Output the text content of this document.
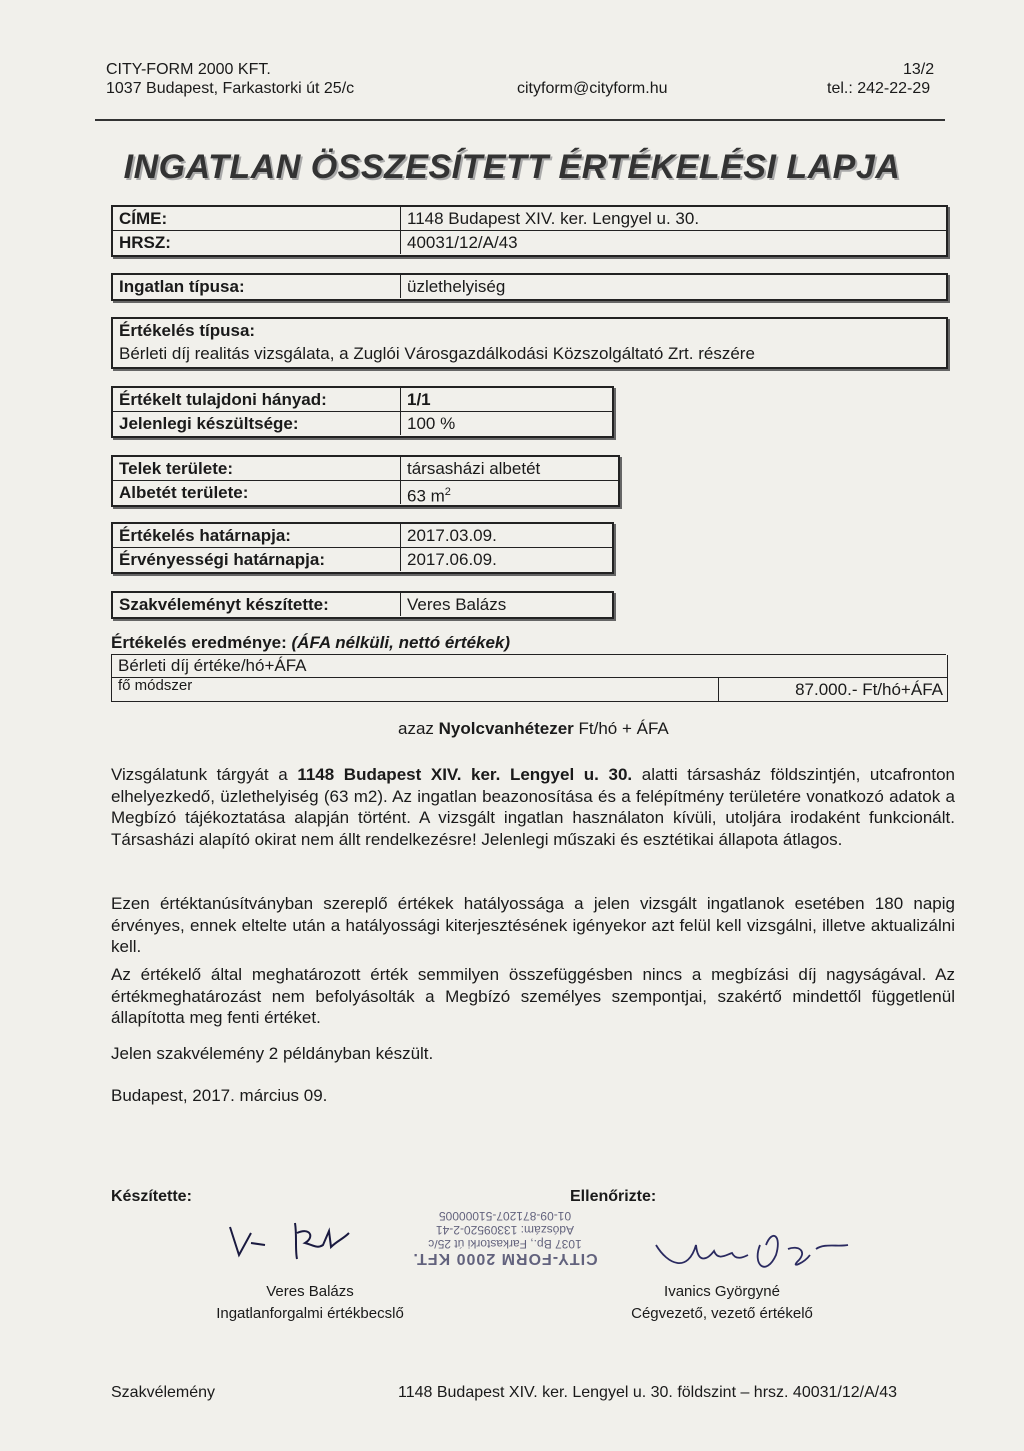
CITY-FORM 2000 KFT.
1037 Budapest, Farkastorki út 25/c	cityform@cityform.hu
13/2
tel.: 242-22-29
INGATLAN ÖSSZESÍTETT ÉRTÉKELÉSI LAPJA
CÍME:	1148 Budapest XIV. ker. Lengyel u. 30.
HRSZ:	40031/12/A/43
Ingatlan típusa:	üzlethelyiség
Értékelés típusa:
Bérleti díj realitás vizsgálata, a Zuglói Városgazdálkodási Közszolgáltató Zrt. részére
Értékelt tulajdoni hányad:	1/1
Jelenlegi készültsége:	100 %
Telek területe:	társasházi albetét
Albetét területe:	63 $m^2$
Értékelés határnapja:	2017.03.09.
Érvényességi határnapja:	2017.06.09.
Szakvéleményt készítette:	Veres Balázs
Értékelés eredménye: (ÁFA nélküli, nettó értékek)
Bérleti díj értéke/hó+ÁFA
fő módszer	87.000.- Ft/hó+ÁFA
azaz Nyolcvanhétezer Ft/hó + ÁFA
Vizsgálatunk tárgyát a 1148 Budapest XIV. ker. Lengyel u. 30. alatti társasház földszintjén, utcafronton elhelyezkedő, üzlethelyiség (63 m2). Az ingatlan beazonosítása és a felépítmény területére vonatkozó adatok a Megbízó tájékoztatása alapján történt. A vizsgált ingatlan használaton kívüli, utoljára irodaként funkcionált. Társasházi alapító okirat nem állt rendelkezésre! Jelenlegi műszaki és esztétikai állapota átlagos.
Ezen értéktanúsítványban szereplő értékek hatályossága a jelen vizsgált ingatlanok esetében 180 napig érvényes, ennek eltelte után a hatályossági kiterjesztésének igényekor azt felül kell vizsgálni, illetve aktualizálni kell.
Az értékelő által meghatározott érték semmilyen összefüggésben nincs a megbízási díj nagyságával. Az értékmeghatározást nem befolyásolták a Megbízó személyes szempontjai, szakértő mindettől függetlenül állapította meg fenti értéket.
Jelen szakvélemény 2 példányban készült.
Budapest, 2017. március 09.
Készítette:
CITY-FORM 2000 KFT.
1037 Bp., Farkastorki út 25/c
Adószám: 13309520-2-41
01-09-871207-51000005
Ellenőrizte:
Veres Balázs
Ingatlanforgalmi értékbecslő
Ivanics Györgyné
Cégvezető, vezető értékelő
Szakvélemény	1148 Budapest XIV. ker. Lengyel u. 30. földszint – hrsz. 40031/12/A/43
